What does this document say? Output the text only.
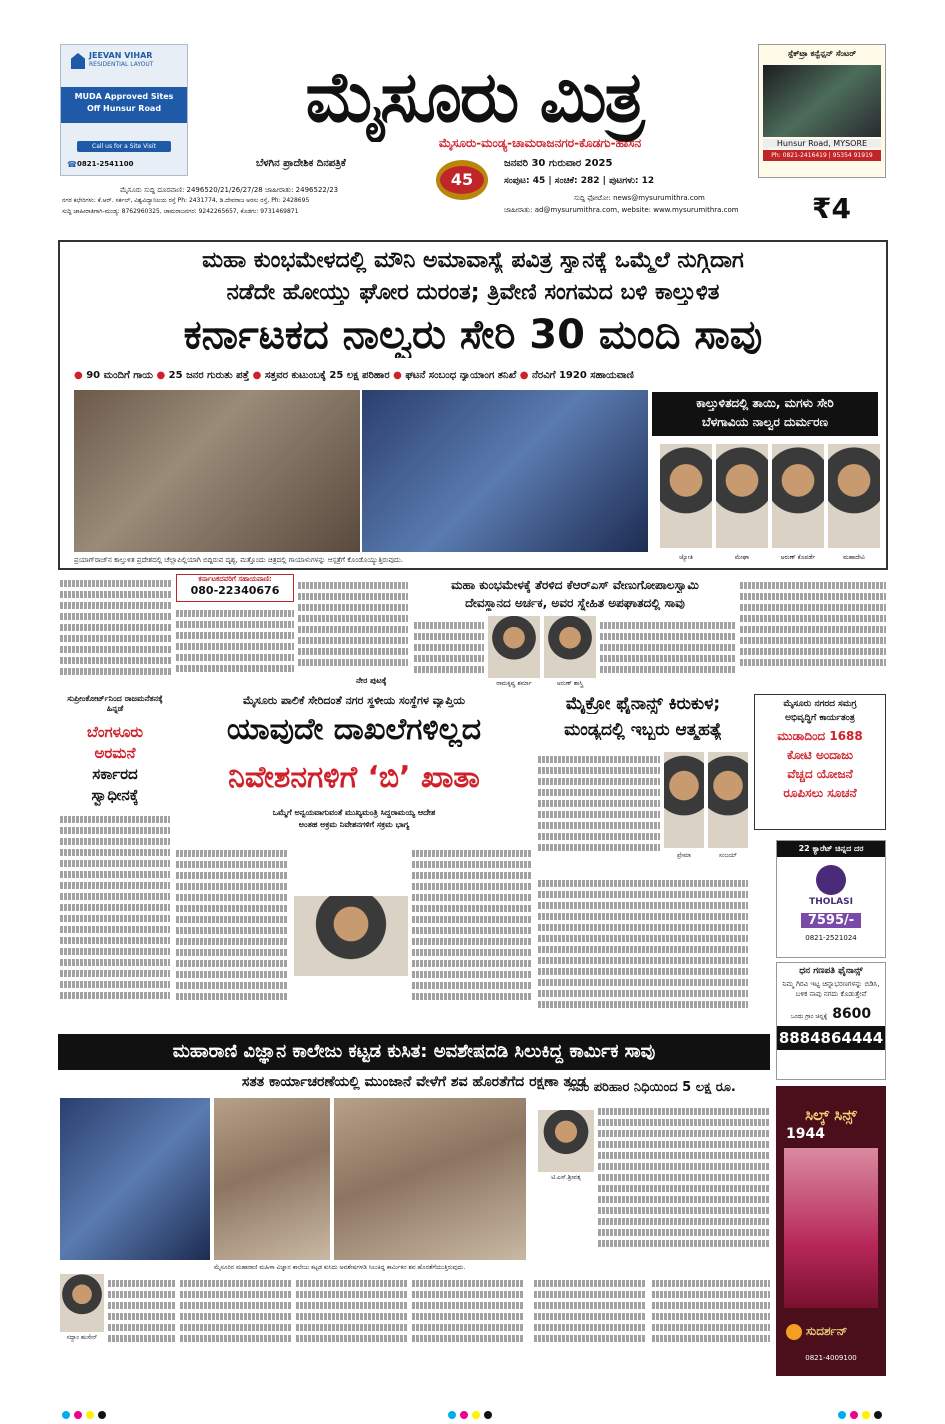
JEEVAN VIHAR
RESIDENTIAL LAYOUT
MUDA Approved Sites
Off Hunsur Road
Call us for a Site Visit
☎ 0821-2541100
ಮೈಸೂರು ಮಿತ್ರ
ಮೈಸೂರು-ಮಂಡ್ಯ-ಚಾಮರಾಜನಗರ-ಕೊಡಗು-ಹಾಸನ
ಬೆಳಗಿನ ಪ್ರಾದೇಶಿಕ ದಿನಪತ್ರಿಕೆ
45
ಜನವರಿ 30 ಗುರುವಾರ 2025
ಸಂಪುಟ: 45 | ಸಂಚಿಕೆ: 282 | ಪುಟಗಳು: 12
ಸುದ್ದಿ ಫೋಟೋ: news@mysurumithra.com
ಜಾಹೀರಾತು: ad@mysurumithra.com, website: www.mysurumithra.com
ಮೈಸೂರು ಸುದ್ದಿ ದೂರವಾಣಿ: 2496520/21/26/27/28 ಜಾಹೀರಾತು: 2496522/23
ನಗರ ಕಛೇರಿಗಳು: ಕೆ.ಆರ್. ಸರ್ಕಲ್, ವಿಶ್ವವಿದ್ಯಾನಿಲಯ ರಸ್ತೆ Ph: 2431774, ಡಿ.ದೇವರಾಜ ಅರಸು ರಸ್ತೆ, Ph: 2428695
ಸುದ್ದಿ ಜಾಹೀರಾತಿಗಾಗಿ-ಮಂಡ್ಯ: 8762960325, ಚಾಮರಾಜನಗರ: 9242265657, ಕೊಡಗು: 9731469871	₹4
ಸ್ಪೆಕ್‌ಟ್ರಾ ಕನ್ವೆನ್ಷನ್ ಸೆಂಟರ್
Hunsur Road, MYSORE
Ph: 0821-2416419 | 95354 91919
ಮಹಾ ಕುಂಭಮೇಳದಲ್ಲಿ ಮೌನಿ ಅಮಾವಾಸ್ಯೆ ಪವಿತ್ರ ಸ್ನಾನಕ್ಕೆ ಒಮ್ಮೆಲೆ ನುಗ್ಗಿದಾಗ
ನಡೆದೇ ಹೋಯ್ತು ಘೋರ ದುರಂತ; ತ್ರಿವೇಣಿ ಸಂಗಮದ ಬಳಿ ಕಾಲ್ತುಳಿತ
ಕರ್ನಾಟಕದ ನಾಲ್ವರು ಸೇರಿ 30 ಮಂದಿ ಸಾವು
● 90 ಮಂದಿಗೆ ಗಾಯ ● 25 ಜನರ ಗುರುತು ಪತ್ತೆ ● ಸತ್ತವರ ಕುಟುಂಬಕ್ಕೆ 25 ಲಕ್ಷ ಪರಿಹಾರ ● ಘಟನೆ ಸಂಬಂಧ ನ್ಯಾಯಾಂಗ ತನಿಖೆ ● ನೆರವಿಗೆ 1920 ಸಹಾಯವಾಣಿ
ಪ್ರಯಾಗ್‌ರಾಜ್‌ನ ಕಾಲ್ತುಳಿತ ಪ್ರದೇಶದಲ್ಲಿ ಚೆಲ್ಲಾಪಿಲ್ಲಿಯಾಗಿ ಬಿದ್ದಿರುವ ದೃಶ್ಯ, ಮತ್ತೊಂದು ಚಿತ್ರದಲ್ಲಿ ಗಾಯಾಳುಗಳನ್ನು ಆಸ್ಪತ್ರೆಗೆ ಕೊಂಡೊಯ್ಯುತ್ತಿರುವುದು.
ಕಾಲ್ತುಳಿತದಲ್ಲಿ ತಾಯಿ, ಮಗಳು ಸೇರಿ
ಬೆಳಗಾವಿಯ ನಾಲ್ವರ ದುರ್ಮರಣ
ಜ್ಯೋತಿ	ಮೇಘಾ	ಅರುಣ್ ಕೊಪರ್ಡೆ	ಮಹಾದೇವಿ
ಕರ್ನಾಟಕದವರಿಗೆ ಸಹಾಯವಾಣಿ:
080-22340676
ನೇರ ಪುಟಕ್ಕೆ
ಮಹಾ ಕುಂಭಮೇಳಕ್ಕೆ ತೆರಳಿದ ಕೆಆರ್‌ಎಸ್ ವೇಣುಗೋಪಾಲಸ್ವಾಮಿ
ದೇವಸ್ಥಾನದ ಅರ್ಚಕ, ಅವರ ಸ್ನೇಹಿತ ಅಪಘಾತದಲ್ಲಿ ಸಾವು
ರಾಮಕೃಷ್ಣ ಶರ್ಮಾ	ಅರುಣ್ ಶಾಸ್ತ್ರಿ
ಸುಪ್ರೀಂಕೋರ್ಟ್‌ನಿಂದ ರಾಜಮನೆತನಕ್ಕೆ ಹಿನ್ನಡೆ
ಬೆಂಗಳೂರು
ಅರಮನೆ
ಸರ್ಕಾರದ
ಸ್ವಾಧೀನಕ್ಕೆ
ಮೈಸೂರು ಪಾಲಿಕೆ ಸೇರಿದಂತೆ ನಗರ ಸ್ಥಳೀಯ ಸಂಸ್ಥೆಗಳ ವ್ಯಾಪ್ತಿಯ
ಯಾವುದೇ ದಾಖಲೆಗಳಿಲ್ಲದ
ನಿವೇಶನಗಳಿಗೆ ‘ಬಿ’ ಖಾತಾ
ಒಮ್ಮೆಗೆ ಅನ್ವಯವಾಗುವಂತೆ ಮುಖ್ಯಮಂತ್ರಿ ಸಿದ್ದರಾಮಯ್ಯ ಆದೇಶ
ಅಂತಹ ಅಕ್ರಮ ನಿವೇಶನಗಳಿಗೆ ಸಕ್ರಮ ಭಾಗ್ಯ
ಮೈಕ್ರೋ ಫೈನಾನ್ಸ್ ಕಿರುಕುಳ;
ಮಂಡ್ಯದಲ್ಲಿ ಇಬ್ಬರು ಆತ್ಮಹತ್ಯೆ
ಪ್ರೇಮಾ	ಸಂಜಯ್
ಮೈಸೂರು ನಗರದ ಸಮಗ್ರ
ಅಭಿವೃದ್ಧಿಗೆ ಕಾರ್ಯತಂತ್ರ
ಮುಡಾದಿಂದ 1688
ಕೋಟಿ ಅಂದಾಜು
ವೆಚ್ಚದ ಯೋಜನೆ
ರೂಪಿಸಲು ಸೂಚನೆ
22 ಕ್ಯಾರೆಟ್ ಚಿನ್ನದ ದರ
THOLASI
7595/-
0821-2521024
ಧನ ಗಣಪತಿ ಫೈನಾನ್ಸ್
ನಿಮ್ಮ ಗಿರವಿ ಇಟ್ಟ ಚಿನ್ನಾಭರಣಗಳನ್ನು ಬಿಡಿಸಿ, ಬಳಿಕ ನಾವು ನಗದು ಕೊಡುತ್ತೇವೆ
ಒಂದು ಗ್ರಾಂ ಚಿನ್ನಕ್ಕೆ 8600
8884864444
ಮಹಾರಾಣಿ ವಿಜ್ಞಾನ ಕಾಲೇಜು ಕಟ್ಟಡ ಕುಸಿತ: ಅವಶೇಷದಡಿ ಸಿಲುಕಿದ್ದ ಕಾರ್ಮಿಕ ಸಾವು
ಸತತ ಕಾರ್ಯಾಚರಣೆಯಲ್ಲಿ ಮುಂಜಾನೆ ವೇಳೆಗೆ ಶವ ಹೊರತೆಗೆದ ರಕ್ಷಣಾ ತಂಡ
ಮೈಸೂರಿನ ಮಹಾರಾಣಿ ಮಹಿಳಾ ವಿಜ್ಞಾನ ಕಾಲೇಜು ಕಟ್ಟಡ ಕುಸಿದು ಅವಶೇಷಗಳಡಿ ಸಿಲುಕಿದ್ದ ಕಾರ್ಮಿಕನ ಶವ ಹೊರತೆಗೆಯುತ್ತಿರುವುದು.
ಸಿಎಂ ಪರಿಹಾರ ನಿಧಿಯಿಂದ 5 ಲಕ್ಷ ರೂ.
ಟಿ.ಎಸ್.ಶ್ರೀವತ್ಸ
ಸದ್ದಾಂ ಹುಸೇನ್
ಸಿಲ್ಕ್ ಸಿನ್ಸ್
1944
ಸುದರ್ಶನ್
0821-4009100
